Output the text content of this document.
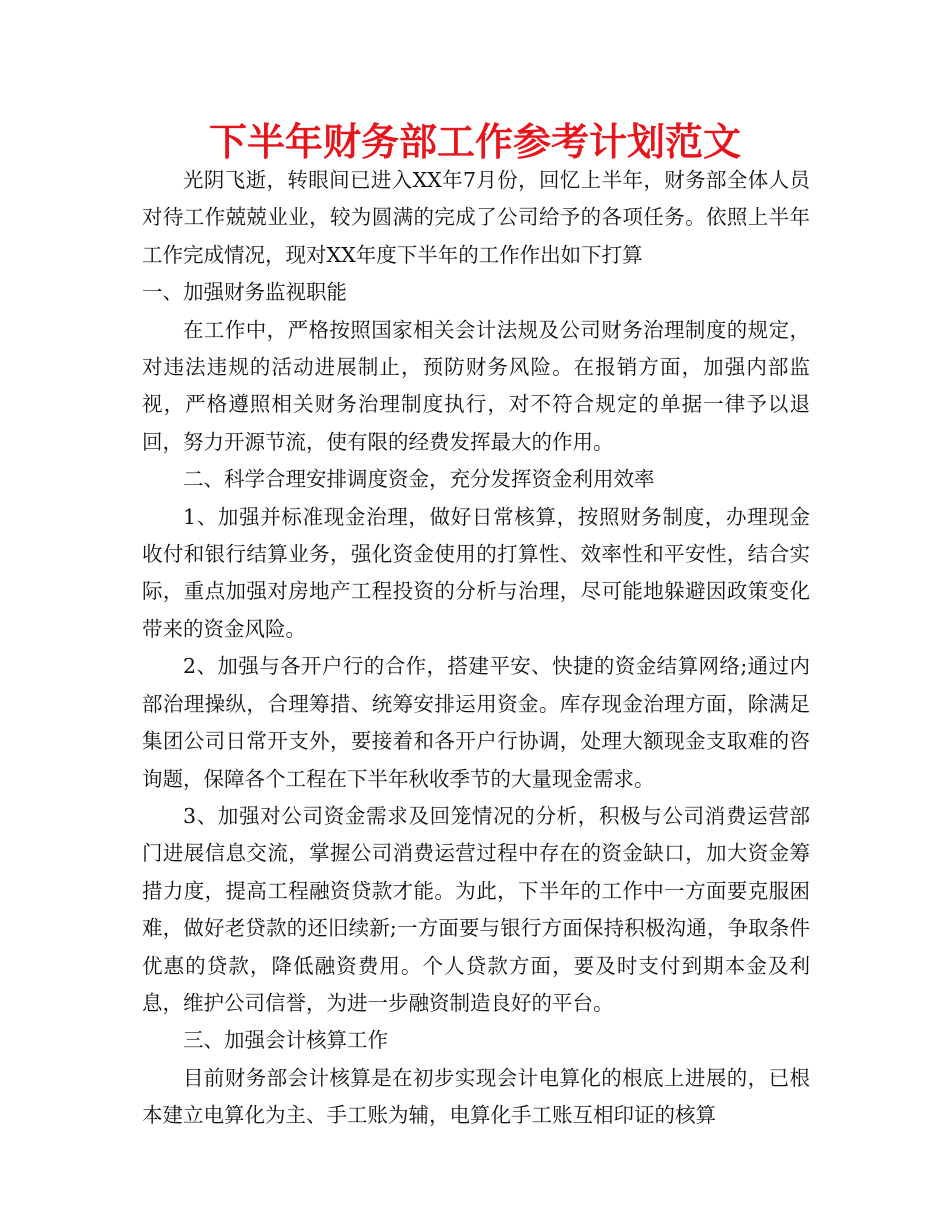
下半年财务部工作参考计划范文

光阴飞逝，转眼间已进入XX年7月份，回忆上半年，财务部全体人员对待工作兢兢业业，较为圆满的完成了公司给予的各项任务。依照上半年工作完成情况，现对XX年度下半年的工作作出如下打算

一、加强财务监视职能

在工作中，严格按照国家相关会计法规及公司财务治理制度的规定，对违法违规的活动进展制止，预防财务风险。在报销方面，加强内部监视，严格遵照相关财务治理制度执行，对不符合规定的单据一律予以退回，努力开源节流，使有限的经费发挥最大的作用。

二、科学合理安排调度资金，充分发挥资金利用效率

1、加强并标准现金治理，做好日常核算，按照财务制度，办理现金收付和银行结算业务，强化资金使用的打算性、效率性和平安性，结合实际，重点加强对房地产工程投资的分析与治理，尽可能地躲避因政策变化带来的资金风险。

2、加强与各开户行的合作，搭建平安、快捷的资金结算网络;通过内部治理操纵，合理筹措、统筹安排运用资金。库存现金治理方面，除满足集团公司日常开支外，要接着和各开户行协调，处理大额现金支取难的咨询题，保障各个工程在下半年秋收季节的大量现金需求。

3、加强对公司资金需求及回笼情况的分析，积极与公司消费运营部门进展信息交流，掌握公司消费运营过程中存在的资金缺口，加大资金筹措力度，提高工程融资贷款才能。为此，下半年的工作中一方面要克服困难，做好老贷款的还旧续新;一方面要与银行方面保持积极沟通，争取条件优惠的贷款，降低融资费用。个人贷款方面，要及时支付到期本金及利息，维护公司信誉，为进一步融资制造良好的平台。

三、加强会计核算工作

目前财务部会计核算是在初步实现会计电算化的根底上进展的，已根本建立电算化为主、手工账为辅，电算化手工账互相印证的核算
